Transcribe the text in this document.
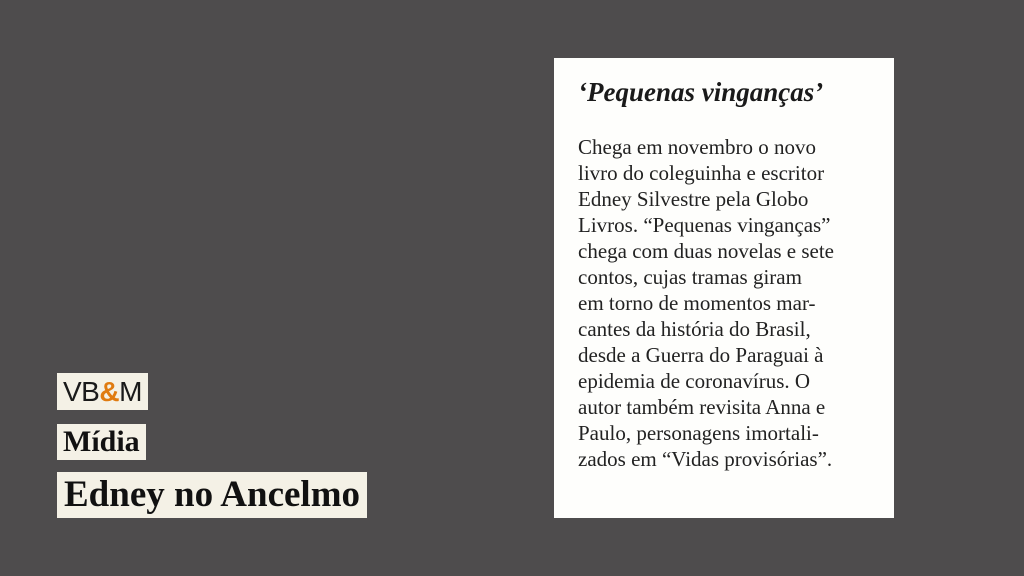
VB&M
Mídia
Edney no Ancelmo
‘Pequenas vinganças’
Chega em novembro o novo
livro do coleguinha e escritor
Edney Silvestre pela Globo
Livros. “Pequenas vinganças”
chega com duas novelas e sete
contos, cujas tramas giram
em torno de momentos mar-
cantes da história do Brasil,
desde a Guerra do Paraguai à
epidemia de coronavírus. O
autor também revisita Anna e
Paulo, personagens imortali-
zados em “Vidas provisórias”.
